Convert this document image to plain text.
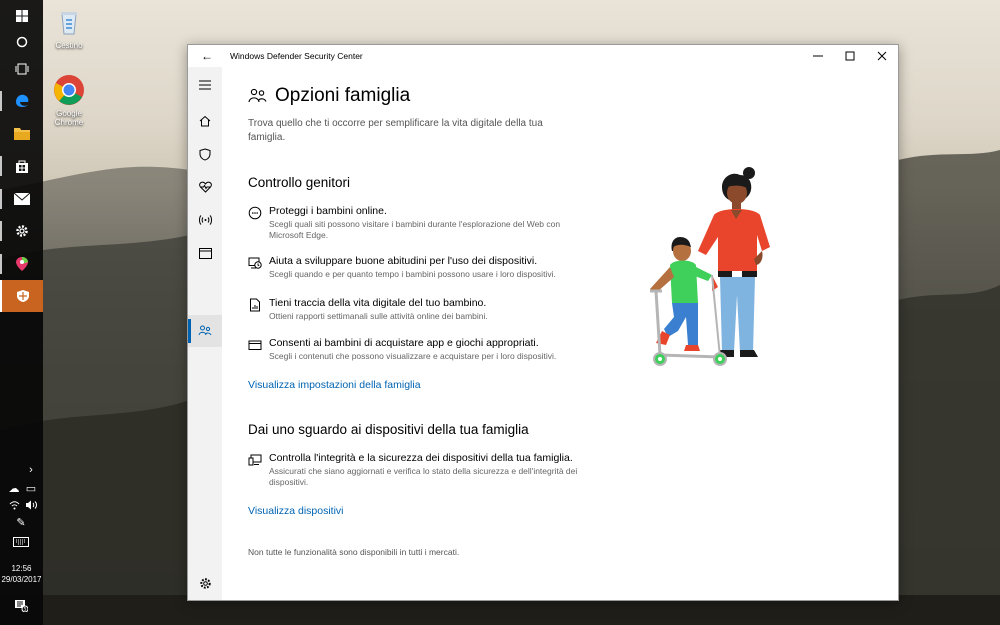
Cestino
Google Chrome
›
☁ ▭
✎
12:56
29/03/2017
5
← Windows Defender Security Center
Opzioni famiglia
Trova quello che ti occorre per semplificare la vita digitale della tua famiglia.
Controllo genitori
Proteggi i bambini online.
Scegli quali siti possono visitare i bambini durante l'esplorazione del Web con Microsoft Edge.
Aiuta a sviluppare buone abitudini per l'uso dei dispositivi.
Scegli quando e per quanto tempo i bambini possono usare i loro dispositivi.
Tieni traccia della vita digitale del tuo bambino.
Ottieni rapporti settimanali sulle attività online dei bambini.
Consenti ai bambini di acquistare app e giochi appropriati.
Scegli i contenuti che possono visualizzare e acquistare per i loro dispositivi.
Visualizza impostazioni della famiglia
Dai uno sguardo ai dispositivi della tua famiglia
Controlla l'integrità e la sicurezza dei dispositivi della tua famiglia.
Assicurati che siano aggiornati e verifica lo stato della sicurezza e dell'integrità dei dispositivi.
Visualizza dispositivi
Non tutte le funzionalità sono disponibili in tutti i mercati.
